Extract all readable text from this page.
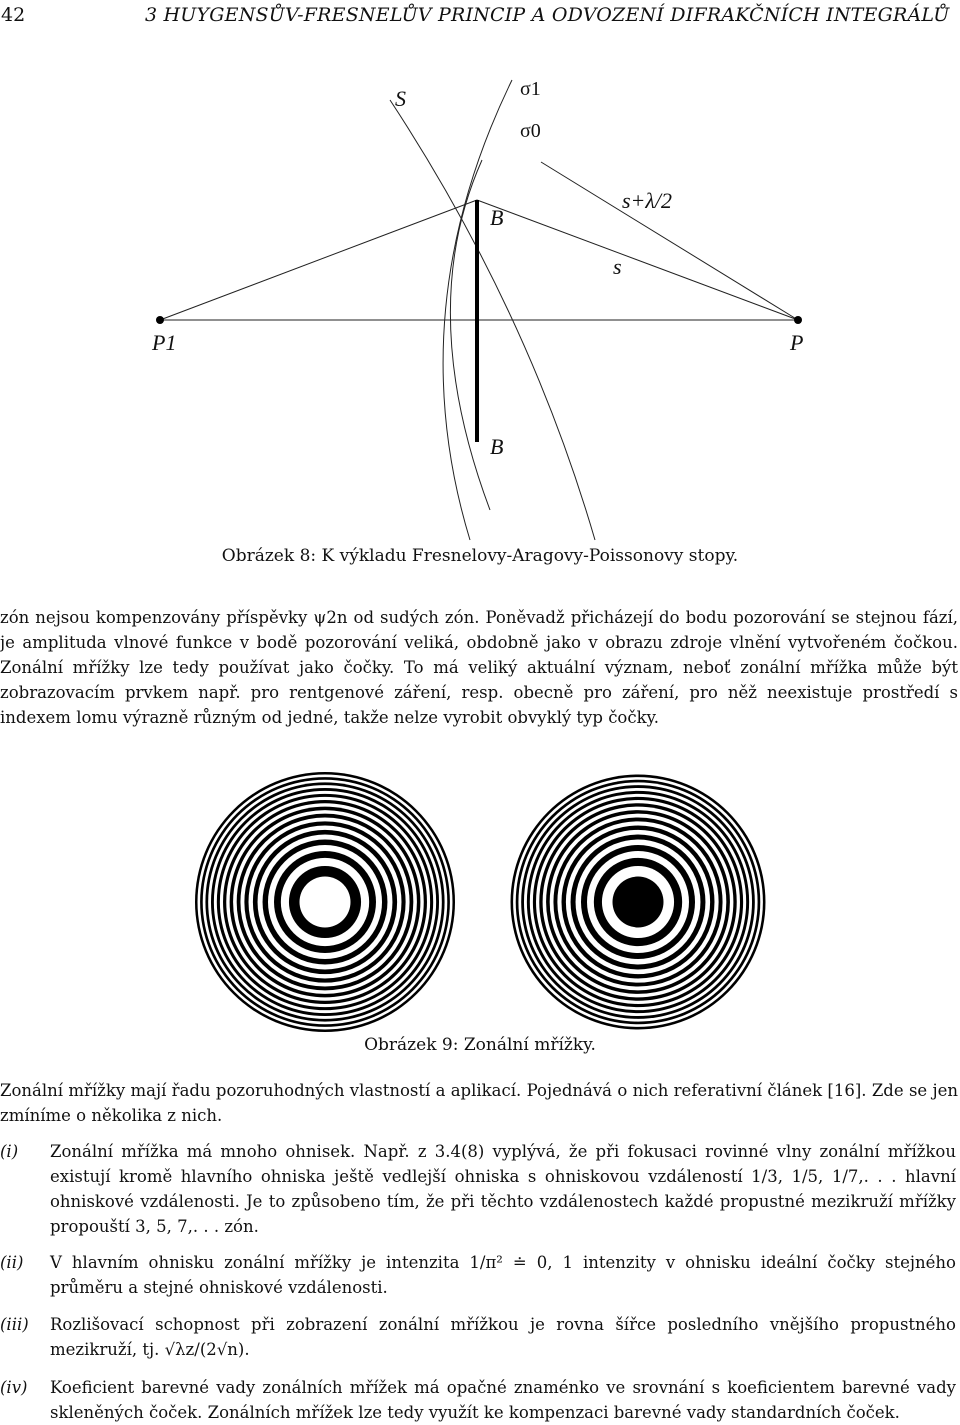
42	3 HUYGENSŮV-FRESNELŮV PRINCIP A ODVOZENÍ DIFRAKČNÍCH INTEGRÁLŮ
S	σ1
σ0
B
s+λ/2
s
P1	P
B
Obrázek 8: K výkladu Fresnelovy-Aragovy-Poissonovy stopy.
zón nejsou kompenzovány příspěvky ψ2n od sudých zón. Poněvadž přicházejí do bodu pozorování se stejnou fází, je amplituda vlnové funkce v bodě pozorování veliká, obdobně jako v obrazu zdroje vlnění vytvořeném čočkou. Zonální mřížky lze tedy používat jako čočky. To má veliký aktuální význam, neboť zonální mřížka může být zobrazovacím prvkem např. pro rentgenové záření, resp. obecně pro záření, pro něž neexistuje prostředí s indexem lomu výrazně různým od jedné, takže nelze vyrobit obvyklý typ čočky.
Obrázek 9: Zonální mřížky.
Zonální mřížky mají řadu pozoruhodných vlastností a aplikací. Pojednává o nich referativní článek [16]. Zde se jen zmíníme o několika z nich.
(i) Zonální mřížka má mnoho ohnisek. Např. z 3.4(8) vyplývá, že při fokusaci rovinné vlny zonální mřížkou existují kromě hlavního ohniska ještě vedlejší ohniska s ohniskovou vzdáleností 1/3, 1/5, 1/7,. . . hlavní ohniskové vzdálenosti. Je to způsobeno tím, že při těchto vzdálenostech každé propustné mezikruží mřížky propouští 3, 5, 7,. . . zón.
(ii) V hlavním ohnisku zonální mřížky je intenzita 1/π² ≐ 0, 1 intenzity v ohnisku ideální čočky stejného průměru a stejné ohniskové vzdálenosti.
(iii) Rozlišovací schopnost při zobrazení zonální mřížkou je rovna šířce posledního vnějšího propustného mezikruží, tj. √λz/(2√n).
(iv) Koeficient barevné vady zonálních mřížek má opačné znaménko ve srovnání s koeficientem barevné vady skleněných čoček. Zonálních mřížek lze tedy využít ke kompenzaci barevné vady standardních čoček.
